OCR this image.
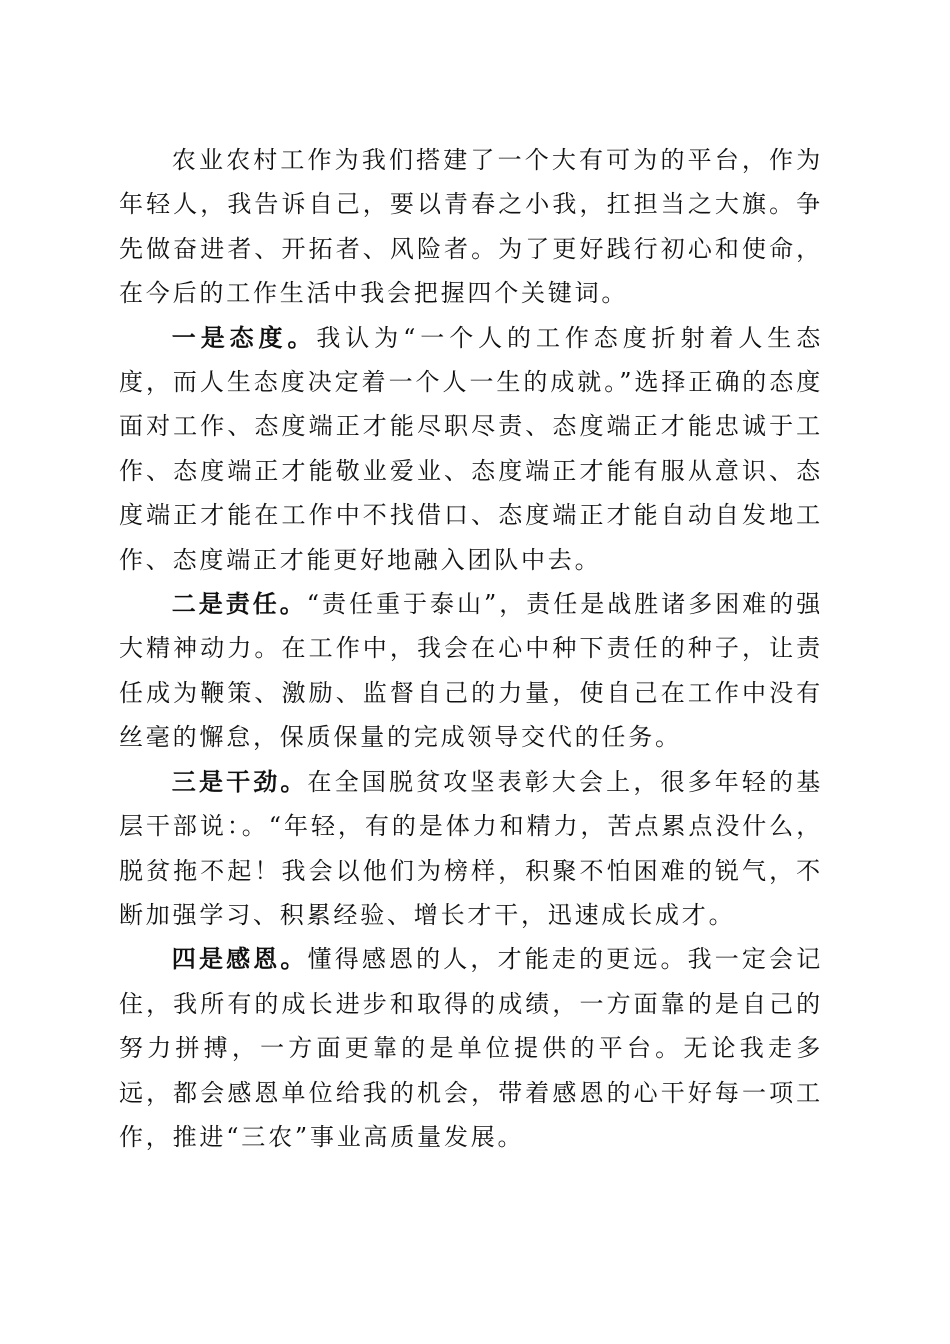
农业农村工作为我们搭建了一个大有可为的平台，作为年轻人，我告诉自己，要以青春之小我，扛担当之大旗。争先做奋进者、开拓者、风险者。为了更好践行初心和使命，在今后的工作生活中我会把握四个关键词。

一是态度。我认为“一个人的工作态度折射着人生态度，而人生态度决定着一个人一生的成就。”选择正确的态度面对工作、态度端正才能尽职尽责、态度端正才能忠诚于工作、态度端正才能敬业爱业、态度端正才能有服从意识、态度端正才能在工作中不找借口、态度端正才能自动自发地工作、态度端正才能更好地融入团队中去。

二是责任。“责任重于泰山”，责任是战胜诸多困难的强大精神动力。在工作中，我会在心中种下责任的种子，让责任成为鞭策、激励、监督自己的力量，使自己在工作中没有丝毫的懈怠，保质保量的完成领导交代的任务。

三是干劲。在全国脱贫攻坚表彰大会上，很多年轻的基层干部说：。“年轻，有的是体力和精力，苦点累点没什么，脱贫拖不起！我会以他们为榜样，积聚不怕困难的锐气，不断加强学习、积累经验、增长才干，迅速成长成才。

四是感恩。懂得感恩的人，才能走的更远。我一定会记住，我所有的成长进步和取得的成绩，一方面靠的是自己的努力拼搏，一方面更靠的是单位提供的平台。无论我走多远，都会感恩单位给我的机会，带着感恩的心干好每一项工作，推进“三农”事业高质量发展。
